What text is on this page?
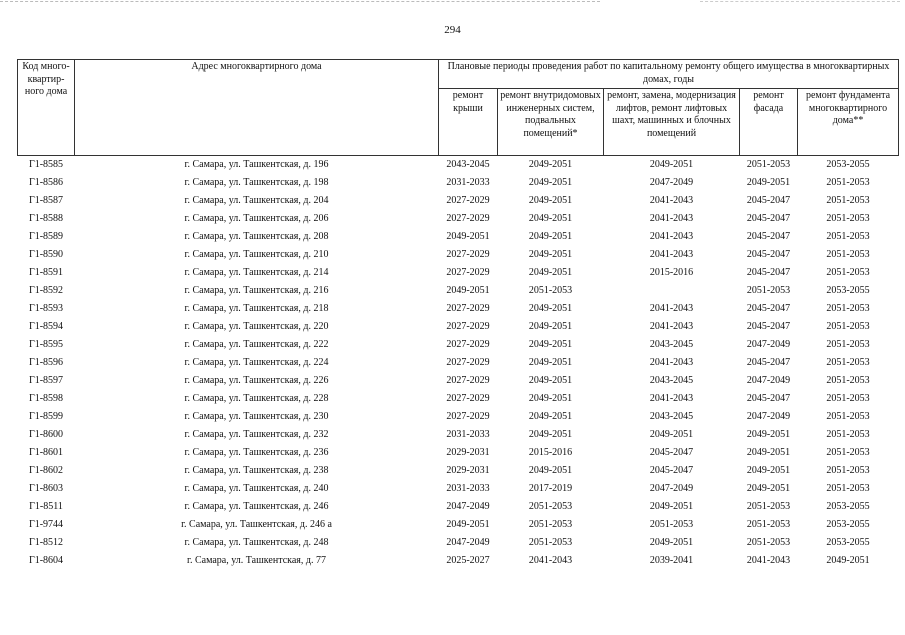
294
Код много-квартир-ного дома	Адрес многоквартирного дома	Плановые периоды проведения работ по капитальному ремонту общего имущества в многоквартирных домах, годы				
		ремонт крыши	ремонт внутридомовых инженерных систем, подвальных помещений*	ремонт, замена, модернизация лифтов, ремонт лифтовых шахт, машинных и блочных помещений	ремонт фасада	ремонт фундамента многоквартирного дома**
Г1-8585	г. Самара, ул. Ташкентская, д. 196	2043-2045	2049-2051	2049-2051	2051-2053	2053-2055
Г1-8586	г. Самара, ул. Ташкентская, д. 198	2031-2033	2049-2051	2047-2049	2049-2051	2051-2053
Г1-8587	г. Самара, ул. Ташкентская, д. 204	2027-2029	2049-2051	2041-2043	2045-2047	2051-2053
Г1-8588	г. Самара, ул. Ташкентская, д. 206	2027-2029	2049-2051	2041-2043	2045-2047	2051-2053
Г1-8589	г. Самара, ул. Ташкентская, д. 208	2049-2051	2049-2051	2041-2043	2045-2047	2051-2053
Г1-8590	г. Самара, ул. Ташкентская, д. 210	2027-2029	2049-2051	2041-2043	2045-2047	2051-2053
Г1-8591	г. Самара, ул. Ташкентская, д. 214	2027-2029	2049-2051	2015-2016	2045-2047	2051-2053
Г1-8592	г. Самара, ул. Ташкентская, д. 216	2049-2051	2051-2053		2051-2053	2053-2055
Г1-8593	г. Самара, ул. Ташкентская, д. 218	2027-2029	2049-2051	2041-2043	2045-2047	2051-2053
Г1-8594	г. Самара, ул. Ташкентская, д. 220	2027-2029	2049-2051	2041-2043	2045-2047	2051-2053
Г1-8595	г. Самара, ул. Ташкентская, д. 222	2027-2029	2049-2051	2043-2045	2047-2049	2051-2053
Г1-8596	г. Самара, ул. Ташкентская, д. 224	2027-2029	2049-2051	2041-2043	2045-2047	2051-2053
Г1-8597	г. Самара, ул. Ташкентская, д. 226	2027-2029	2049-2051	2043-2045	2047-2049	2051-2053
Г1-8598	г. Самара, ул. Ташкентская, д. 228	2027-2029	2049-2051	2041-2043	2045-2047	2051-2053
Г1-8599	г. Самара, ул. Ташкентская, д. 230	2027-2029	2049-2051	2043-2045	2047-2049	2051-2053
Г1-8600	г. Самара, ул. Ташкентская, д. 232	2031-2033	2049-2051	2049-2051	2049-2051	2051-2053
Г1-8601	г. Самара, ул. Ташкентская, д. 236	2029-2031	2015-2016	2045-2047	2049-2051	2051-2053
Г1-8602	г. Самара, ул. Ташкентская, д. 238	2029-2031	2049-2051	2045-2047	2049-2051	2051-2053
Г1-8603	г. Самара, ул. Ташкентская, д. 240	2031-2033	2017-2019	2047-2049	2049-2051	2051-2053
Г1-8511	г. Самара, ул. Ташкентская, д. 246	2047-2049	2051-2053	2049-2051	2051-2053	2053-2055
Г1-9744	г. Самара, ул. Ташкентская, д. 246 а	2049-2051	2051-2053	2051-2053	2051-2053	2053-2055
Г1-8512	г. Самара, ул. Ташкентская, д. 248	2047-2049	2051-2053	2049-2051	2051-2053	2053-2055
Г1-8604	г. Самара, ул. Ташкентская, д. 77	2025-2027	2041-2043	2039-2041	2041-2043	2049-2051
